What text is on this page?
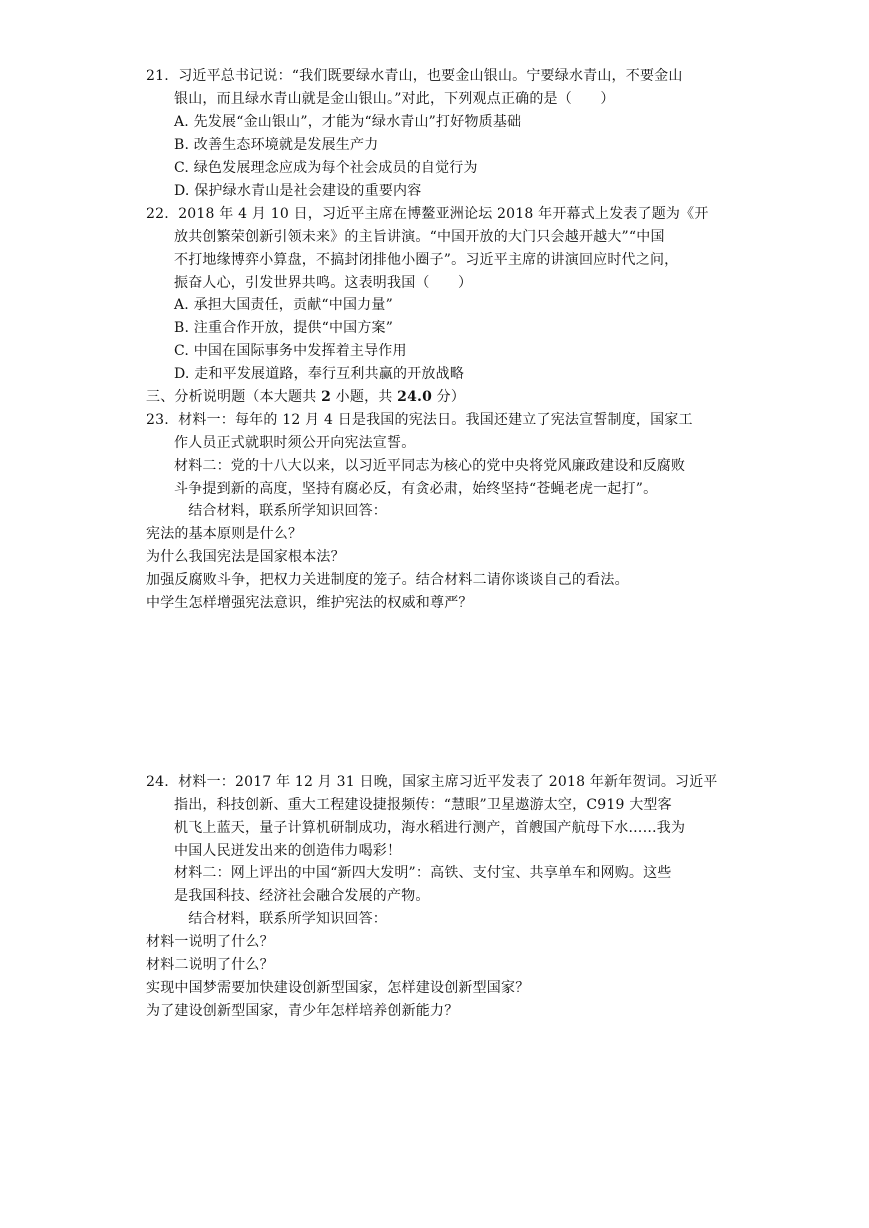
21. 习近平总书记说：“我们既要绿水青山，也要金山银山。宁要绿水青山，不要金山
银山，而且绿水青山就是金山银山。”对此，下列观点正确的是（　　）
A. 先发展“金山银山”，才能为“绿水青山”打好物质基础
B. 改善生态环境就是发展生产力
C. 绿色发展理念应成为每个社会成员的自觉行为
D. 保护绿水青山是社会建设的重要内容
22. 2018 年 4 月 10 日，习近平主席在博鳌亚洲论坛 2018 年开幕式上发表了题为《开
放共创繁荣创新引领未来》的主旨讲演。“中国开放的大门只会越开越大”“中国
不打地缘博弈小算盘，不搞封闭排他小圈子”。习近平主席的讲演回应时代之问，
振奋人心，引发世界共鸣。这表明我国（　　）
A. 承担大国责任，贡献“中国力量”
B. 注重合作开放，提供“中国方案”
C. 中国在国际事务中发挥着主导作用
D. 走和平发展道路，奉行互利共赢的开放战略
三、分析说明题（本大题共 2 小题，共 24.0 分）
23. 材料一：每年的 12 月 4 日是我国的宪法日。我国还建立了宪法宣誓制度，国家工
作人员正式就职时须公开向宪法宣誓。
材料二：党的十八大以来，以习近平同志为核心的党中央将党风廉政建设和反腐败
斗争提到新的高度，坚持有腐必反，有贪必肃，始终坚持“苍蝇老虎一起打”。
 结合材料，联系所学知识回答：
宪法的基本原则是什么？
为什么我国宪法是国家根本法？
加强反腐败斗争，把权力关进制度的笼子。结合材料二请你谈谈自己的看法。
中学生怎样增强宪法意识，维护宪法的权威和尊严？
24. 材料一：2017 年 12 月 31 日晚，国家主席习近平发表了 2018 年新年贺词。习近平
指出，科技创新、重大工程建设捷报频传：“慧眼”卫星遨游太空，C919 大型客
机飞上蓝天，量子计算机研制成功，海水稻进行测产，首艘国产航母下水……我为
中国人民迸发出来的创造伟力喝彩！
材料二：网上评出的中国“新四大发明”：高铁、支付宝、共享单车和网购。这些
是我国科技、经济社会融合发展的产物。
 结合材料，联系所学知识回答：
材料一说明了什么？
材料二说明了什么？
实现中国梦需要加快建设创新型国家，怎样建设创新型国家？
为了建设创新型国家，青少年怎样培养创新能力？
